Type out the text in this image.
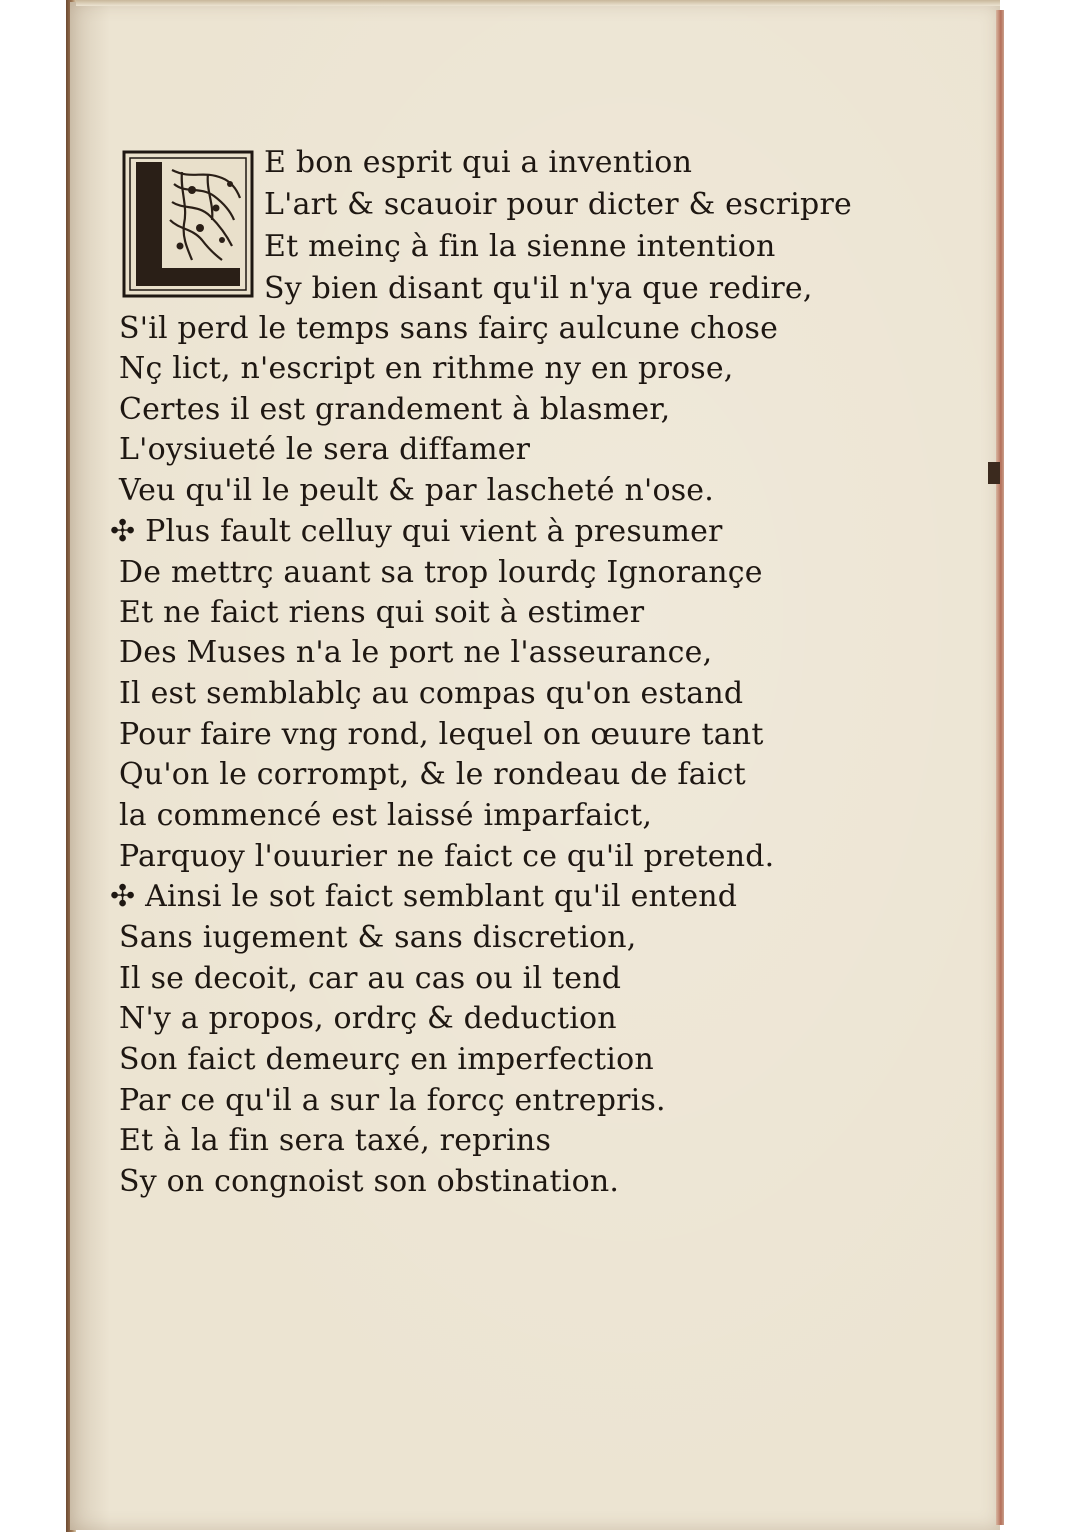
E bon esprit qui a invention
L'art & scauoir pour dicter & escripre
Et meinç à fin la sienne intention
Sy bien disant qu'il n'ya que redire,
S'il perd le temps sans fairç aulcune chose
Nç lict, n'escript en rithme ny en prose,
Certes il est grandement à blasmer,
L'oysiueté le sera diffamer
Veu qu'il le peult & par lascheté n'ose.
✣ Plus fault celluy qui vient à presumer
De mettrç auant sa trop lourdç Ignorançe
Et ne faict riens qui soit à estimer
Des Muses n'a le port ne l'asseurance,
Il est semblablç au compas qu'on estand
Pour faire vng rond, lequel on œuure tant
Qu'on le corrompt, & le rondeau de faict
la commencé est laissé imparfaict,
Parquoy l'ouurier ne faict ce qu'il pretend.
✣ Ainsi le sot faict semblant qu'il entend
Sans iugement & sans discretion,
Il se decoit, car au cas ou il tend
N'y a propos, ordrç & deduction
Son faict demeurç en imperfection
Par ce qu'il a sur la forcç entrepris.
Et à la fin sera taxé, reprins
Sy on congnoist son obstination.
